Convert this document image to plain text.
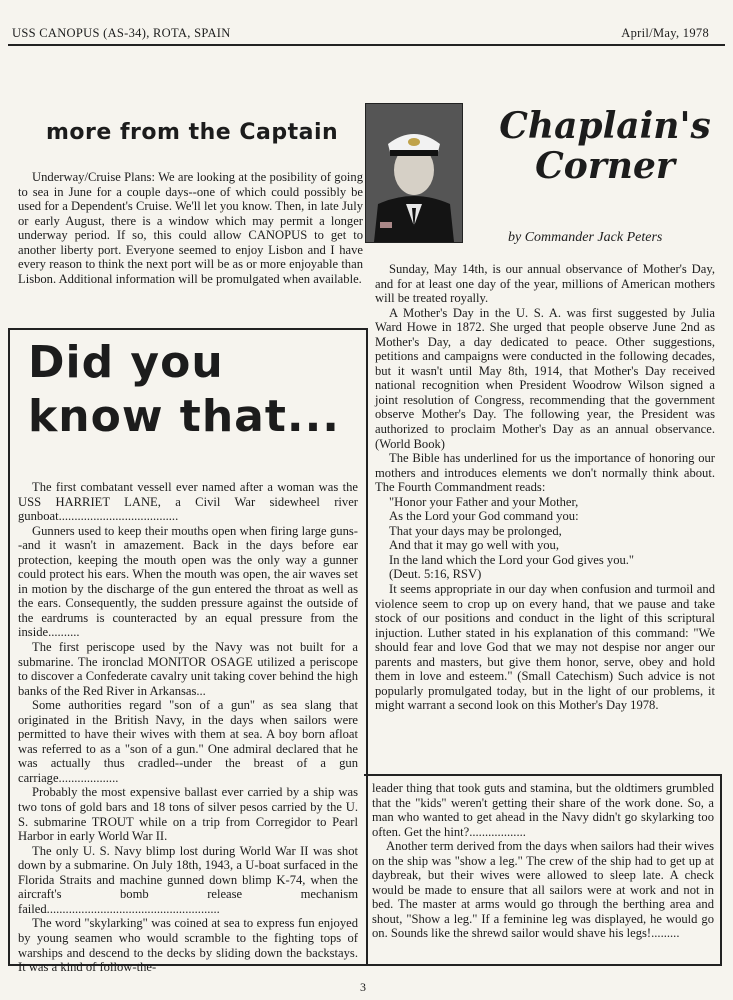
USS CANOPUS (AS-34), ROTA, SPAIN	April/May, 1978
more from the Captain

Underway/Cruise Plans: We are looking at the posibility of going to sea in June for a couple days--one of which could possibly be used for a Dependent's Cruise. We'll let you know. Then, in late July or early August, there is a window which may permit a longer underway period. If so, this could allow CANOPUS to get to another liberty port. Everyone seemed to enjoy Lisbon and I have every reason to think the next port will be as or more enjoyable than Lisbon. Additional information will be promulgated when available.

Chaplain's
Corner
by Commander Jack Peters

Sunday, May 14th, is our annual observance of Mother's Day, and for at least one day of the year, millions of American mothers will be treated royally.

A Mother's Day in the U. S. A. was first suggested by Julia Ward Howe in 1872. She urged that people observe June 2nd as Mother's Day, a day dedicated to peace. Other suggestions, petitions and campaigns were conducted in the following decades, but it wasn't until May 8th, 1914, that Mother's Day received national recognition when President Woodrow Wilson signed a joint resolution of Congress, recommending that the government observe Mother's Day. The following year, the President was authorized to proclaim Mother's Day as an annual observance. (World Book)

The Bible has underlined for us the importance of honoring our mothers and introduces elements we don't normally think about. The Fourth Commandment reads:

"Honor your Father and your Mother,

As the Lord your God command you:

That your days may be prolonged,

And that it may go well with you,

In the land which the Lord your God gives you."

(Deut. 5:16, RSV)

It seems appropriate in our day when confusion and turmoil and violence seem to crop up on every hand, that we pause and take stock of our positions and conduct in the light of this scriptural injuction. Luther stated in his explanation of this command: "We should fear and love God that we may not despise nor anger our parents and masters, but give them honor, serve, obey and hold them in love and esteem." (Small Catechism) Such advice is not popularly promulgated today, but in the light of our problems, it might warrant a second look on this Mother's Day 1978.

Did you
know that...

The first combatant vessell ever named after a woman was the USS HARRIET LANE, a Civil War sidewheel river gunboat......................................

Gunners used to keep their mouths open when firing large guns--and it wasn't in amazement. Back in the days before ear protection, keeping the mouth open was the only way a gunner could protect his ears. When the mouth was open, the air waves set in motion by the discharge of the gun entered the throat as well as the ears. Consequently, the sudden pressure against the outside of the eardrums is counteracted by an equal pressure from the inside..........

The first periscope used by the Navy was not built for a submarine. The ironclad MONITOR OSAGE utilized a periscope to discover a Confederate cavalry unit taking cover behind the high banks of the Red River in Arkansas...

Some authorities regard "son of a gun" as sea slang that originated in the British Navy, in the days when sailors were permitted to have their wives with them at sea. A boy born afloat was referred to as a "son of a gun." One admiral declared that he was actually thus cradled--under the breast of a gun carriage...................

Probably the most expensive ballast ever carried by a ship was two tons of gold bars and 18 tons of silver pesos carried by the U. S. submarine TROUT while on a trip from Corregidor to Pearl Harbor in early World War II.

The only U. S. Navy blimp lost during World War II was shot down by a submarine. On July 18th, 1943, a U-boat surfaced in the Florida Straits and machine gunned down blimp K-74, when the aircraft's bomb release mechanism failed.......................................................

The word "skylarking" was coined at sea to express fun enjoyed by young seamen who would scramble to the fighting tops of warships and descend to the decks by sliding down the backstays. It was a kind of follow-the-

leader thing that took guts and stamina, but the oldtimers grumbled that the "kids" weren't getting their share of the work done. So, a man who wanted to get ahead in the Navy didn't go skylarking too often. Get the hint?..................

Another term derived from the days when sailors had their wives on the ship was "show a leg." The crew of the ship had to get up at daybreak, but their wives were allowed to sleep late. A check would be made to ensure that all sailors were at work and not in bed. The master at arms would go through the berthing area and shout, "Show a leg." If a feminine leg was displayed, he would go on. Sounds like the shrewd sailor would shave his legs!.........

3
